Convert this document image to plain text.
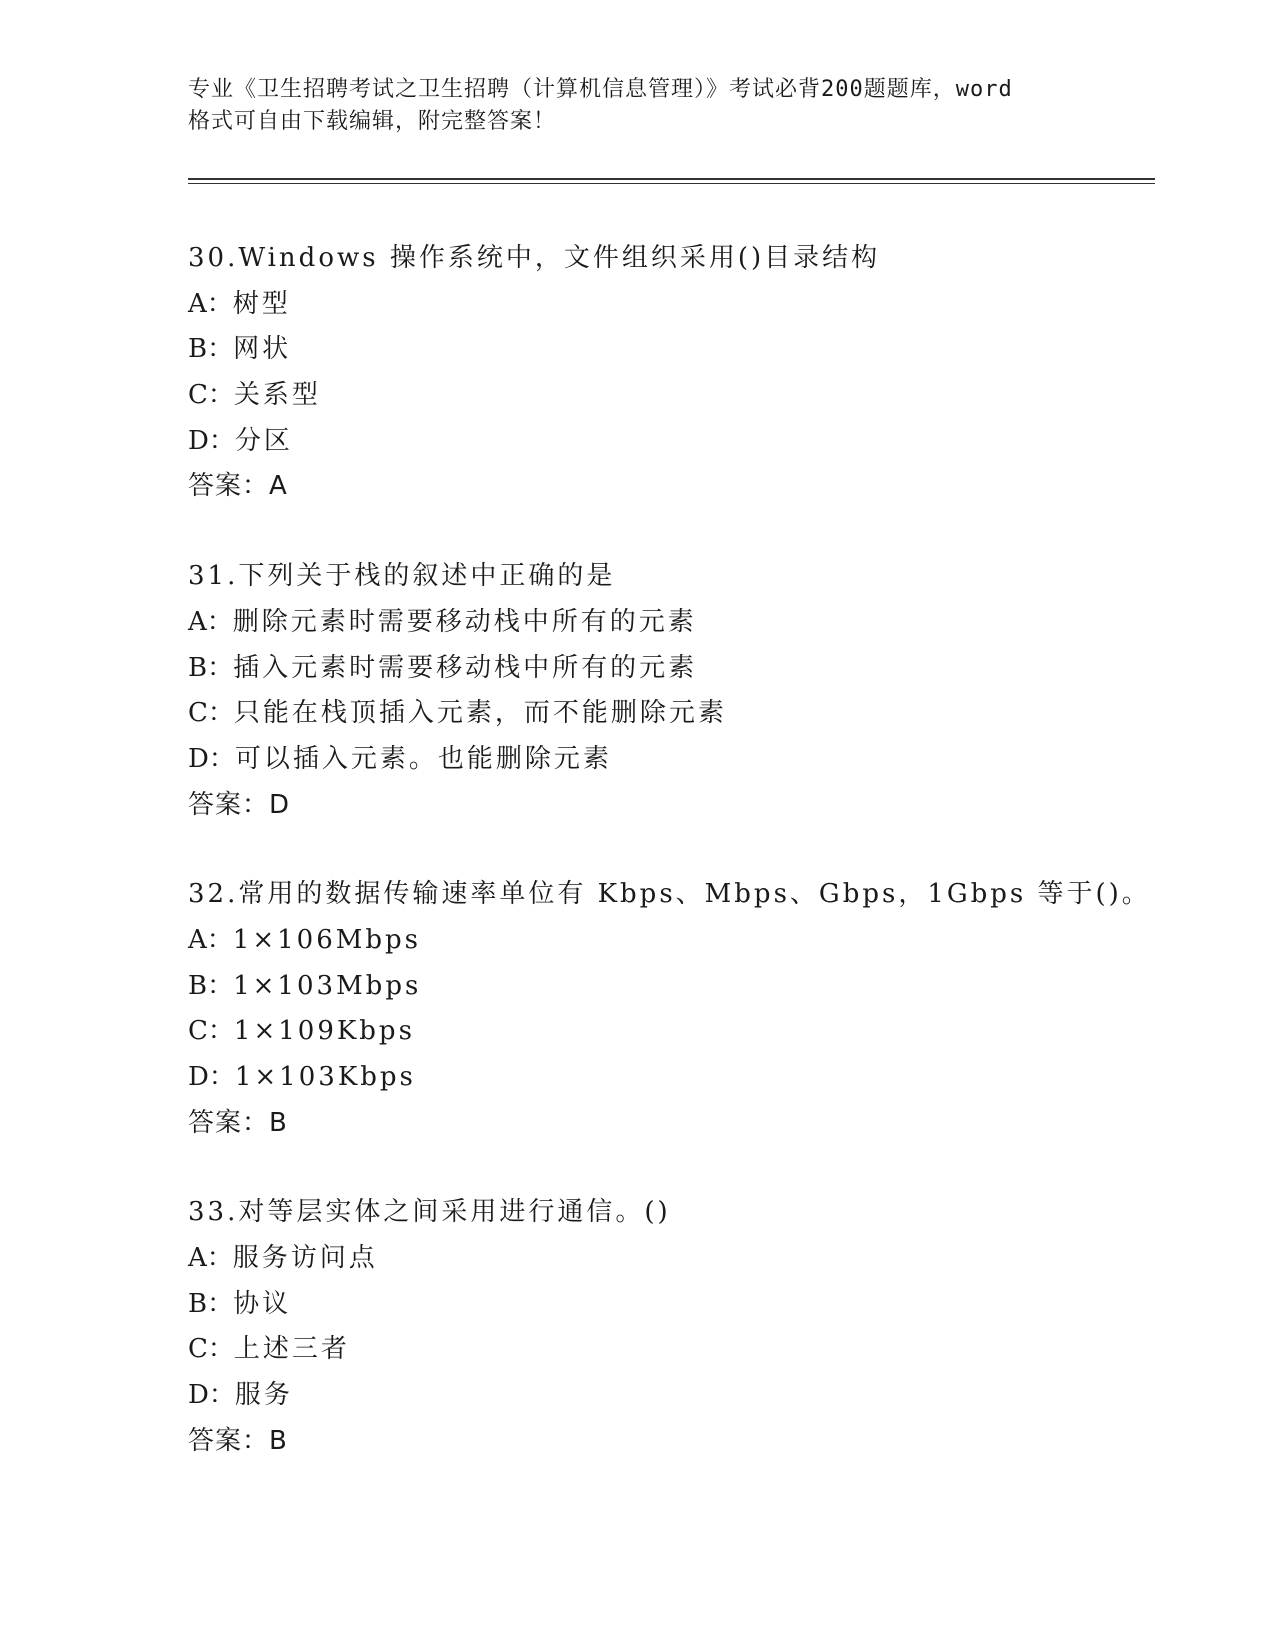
专业《卫生招聘考试之卫生招聘（计算机信息管理）》考试必背200题题库，word

格式可自由下载编辑，附完整答案！

30.Windows 操作系统中，文件组织采用()目录结构
A：树型
B：网状
C：关系型
D：分区
答案：A
31.下列关于栈的叙述中正确的是
A：删除元素时需要移动栈中所有的元素
B：插入元素时需要移动栈中所有的元素
C：只能在栈顶插入元素，而不能删除元素
D：可以插入元素。也能删除元素
答案：D
32.常用的数据传输速率单位有 Kbps、Mbps、Gbps，1Gbps 等于()。
A：1×106Mbps
B：1×103Mbps
C：1×109Kbps
D：1×103Kbps
答案：B
33.对等层实体之间采用进行通信。()
A：服务访问点
B：协议
C：上述三者
D：服务
答案：B
